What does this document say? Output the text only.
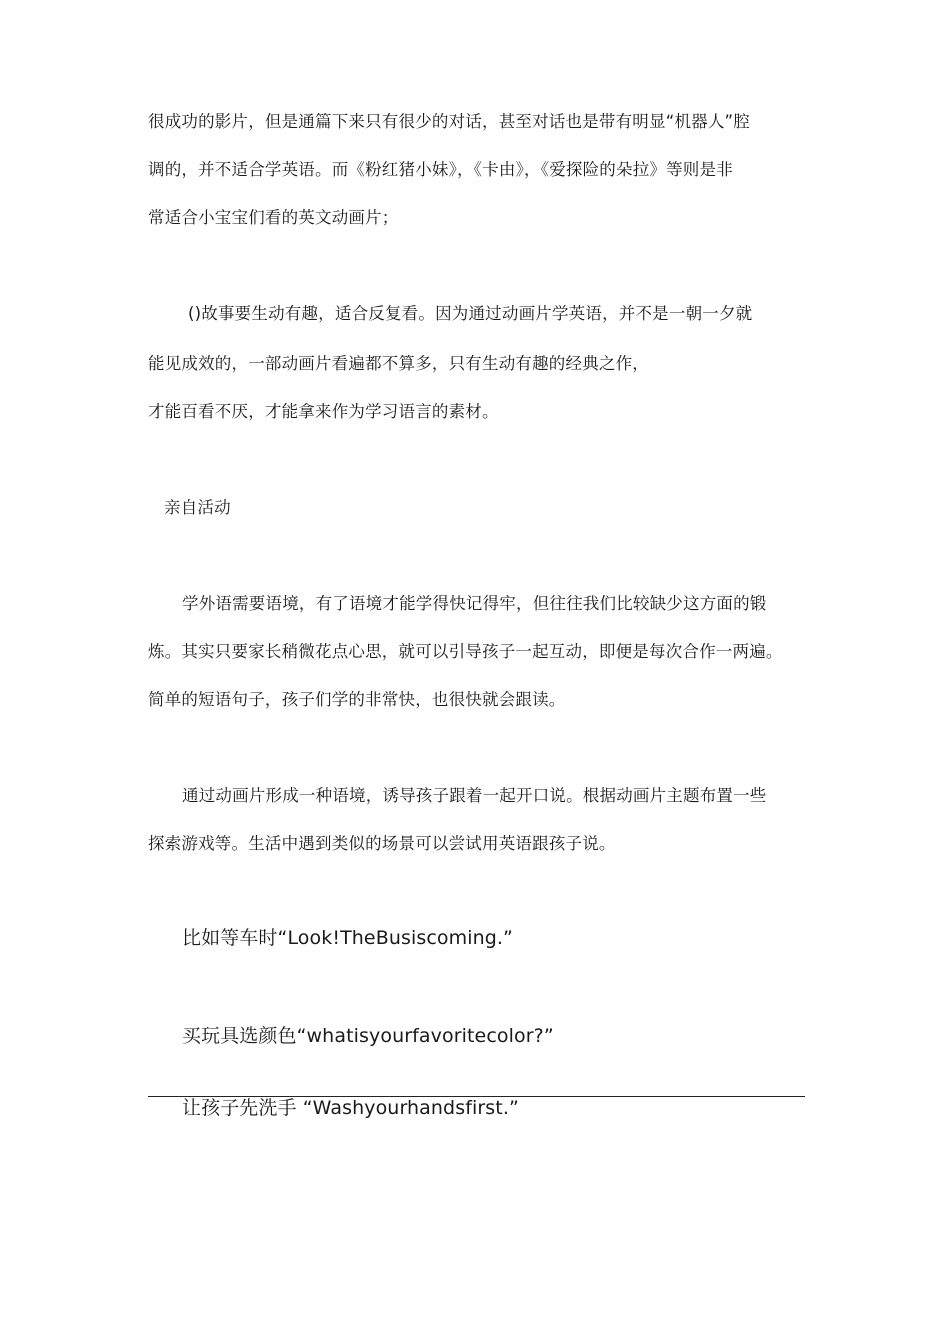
很成功的影片，但是通篇下来只有很少的对话，甚至对话也是带有明显“机器人”腔
调的，并不适合学英语。而《粉红猪小妹》，《卡由》，《爱探险的朵拉》等则是非
常适合小宝宝们看的英文动画片；
()故事要生动有趣，适合反复看。因为通过动画片学英语，并不是一朝一夕就
能见成效的，一部动画片看遍都不算多，只有生动有趣的经典之作，
才能百看不厌，才能拿来作为学习语言的素材。
亲自活动
学外语需要语境，有了语境才能学得快记得牢，但往往我们比较缺少这方面的锻
炼。其实只要家长稍微花点心思，就可以引导孩子一起互动，即便是每次合作一两遍。
简单的短语句子，孩子们学的非常快，也很快就会跟读。
通过动画片形成一种语境，诱导孩子跟着一起开口说。根据动画片主题布置一些
探索游戏等。生活中遇到类似的场景可以尝试用英语跟孩子说。
比如等车时“Look!TheBusiscoming.”
买玩具选颜色“whatisyourfavoritecolor?”
让孩子先洗手 “Washyourhandsfirst.”
